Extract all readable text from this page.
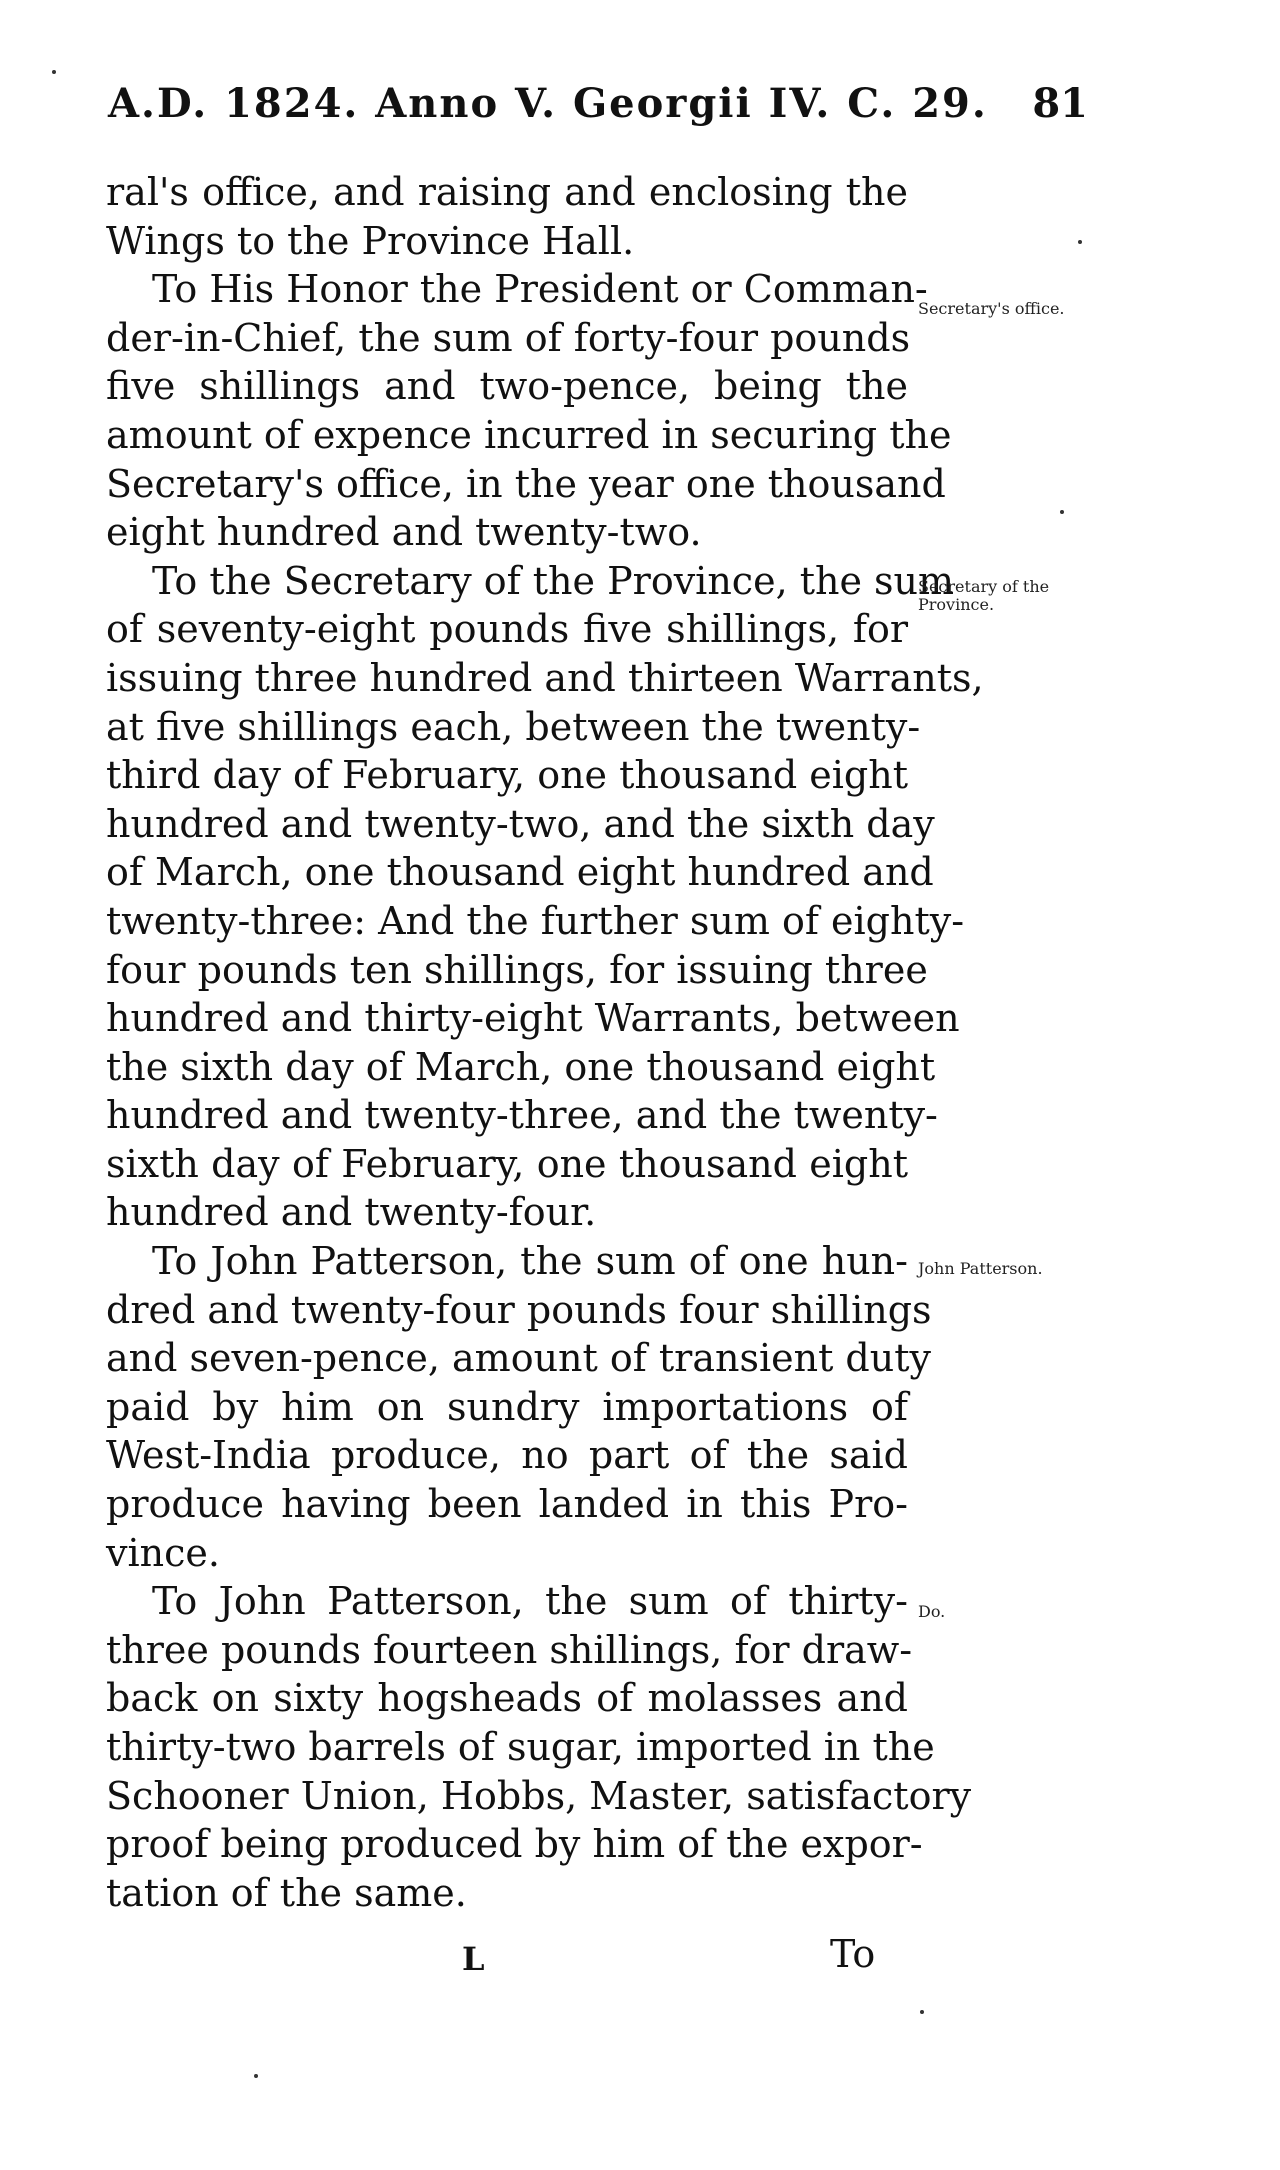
A.D. 1824. Anno V. Georgii IV. C. 29. 81
ral's office, and raising and enclosing the
Wings to the Province Hall.
To His Honor the President or Comman-
der-in-Chief, the sum of forty-four pounds
five shillings and two-pence, being the
amount of expence incurred in securing the
Secretary's office, in the year one thousand
eight hundred and twenty-two.
To the Secretary of the Province, the sum
of seventy-eight pounds five shillings, for
issuing three hundred and thirteen Warrants,
at five shillings each, between the twenty-
third day of February, one thousand eight
hundred and twenty-two, and the sixth day
of March, one thousand eight hundred and
twenty-three: And the further sum of eighty-
four pounds ten shillings, for issuing three
hundred and thirty-eight Warrants, between
the sixth day of March, one thousand eight
hundred and twenty-three, and the twenty-
sixth day of February, one thousand eight
hundred and twenty-four.
To John Patterson, the sum of one hun-
dred and twenty-four pounds four shillings
and seven-pence, amount of transient duty
paid by him on sundry importations of
West-India produce, no part of the said
produce having been landed in this Pro-
vince.
To John Patterson, the sum of thirty-
three pounds fourteen shillings, for draw-
back on sixty hogsheads of molasses and
thirty-two barrels of sugar, imported in the
Schooner Union, Hobbs, Master, satisfactory
proof being produced by him of the expor-
tation of the same.
Secretary's office.
Secretary of the
Province.
John Patterson.
Do.
L	To
